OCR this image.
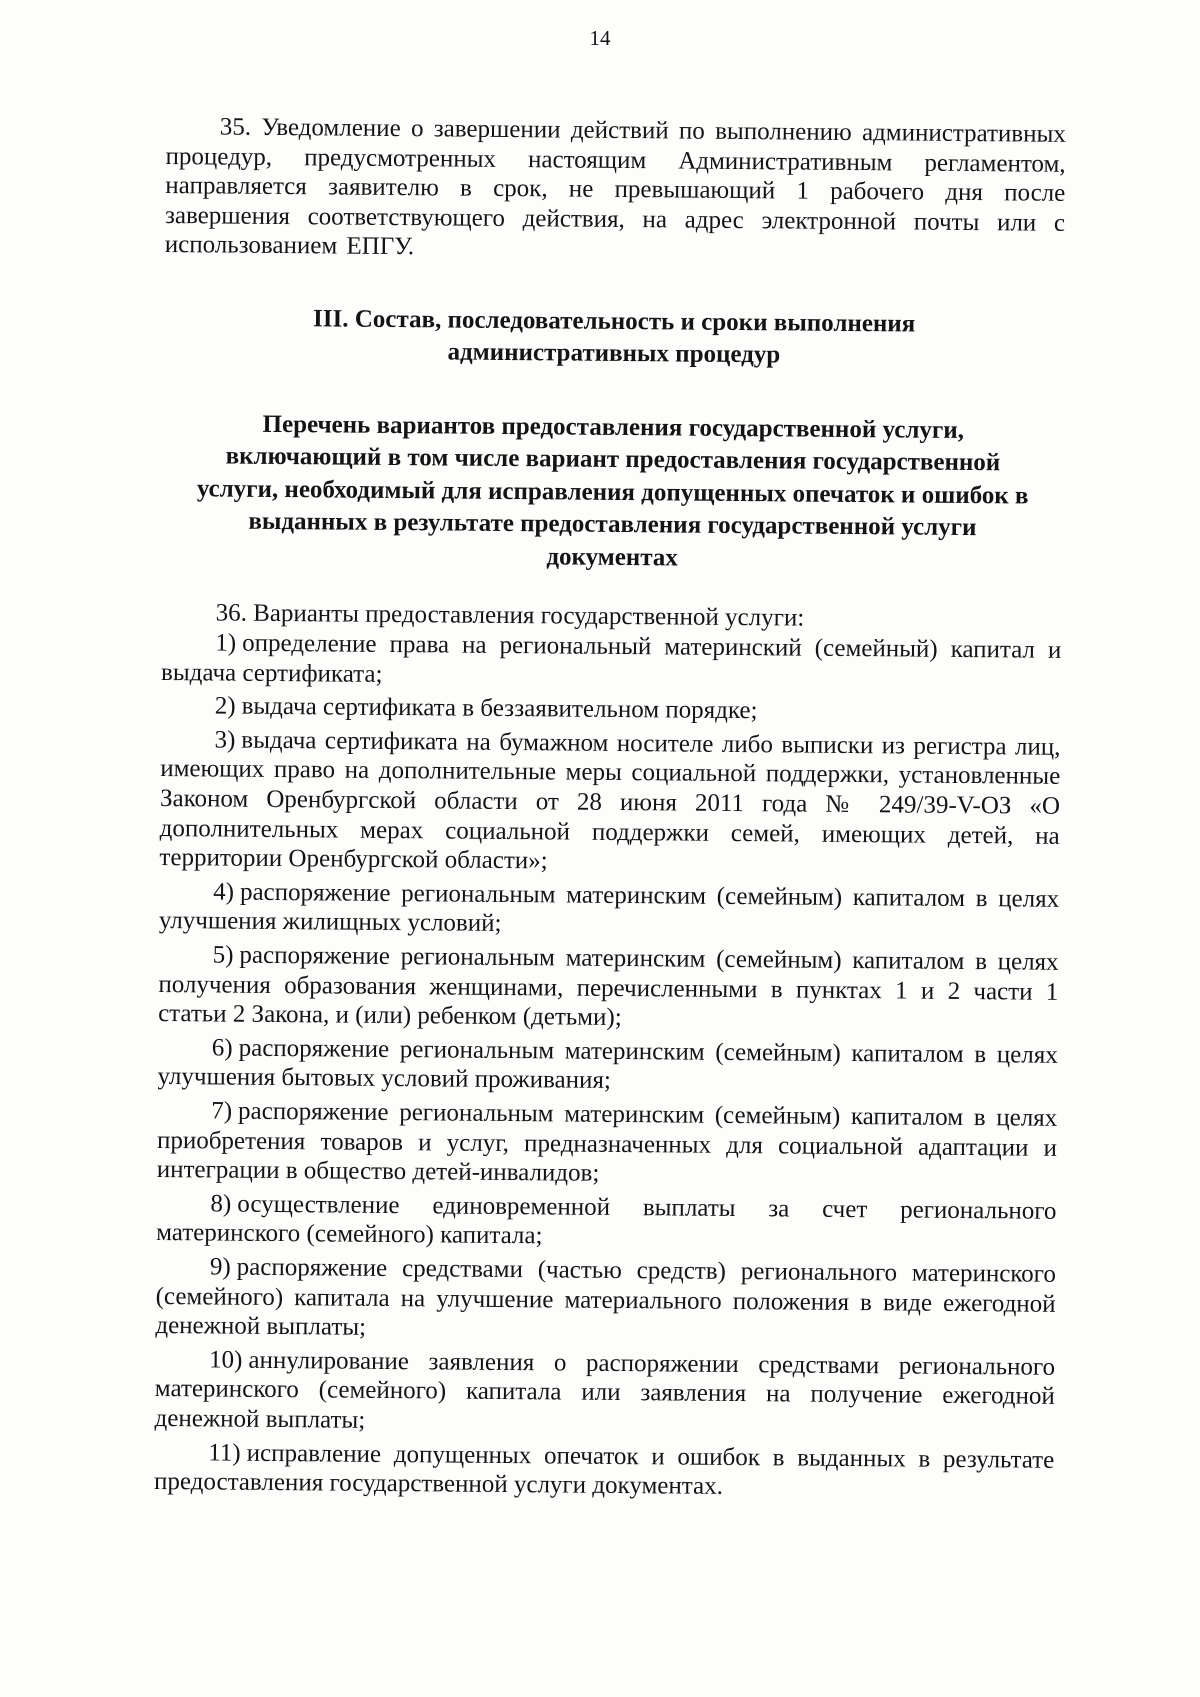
14

35. Уведомление о завершении действий по выполнению административных процедур, предусмотренных настоящим Административным регламентом, направляется заявителю в срок, не превышающий 1 рабочего дня после завершения соответствующего действия, на адрес электронной почты или с использованием ЕПГУ.

III. Состав, последовательность и сроки выполнения
административных процедур
Перечень вариантов предоставления государственной услуги,
включающий в том числе вариант предоставления государственной
услуги, необходимый для исправления допущенных опечаток и ошибок в
выданных в результате предоставления государственной услуги
документах

36. Варианты предоставления государственной услуги:

1) определение права на региональный материнский (семейный) капитал и выдача сертификата;

2) выдача сертификата в беззаявительном порядке;

3) выдача сертификата на бумажном носителе либо выписки из регистра лиц, имеющих право на дополнительные меры социальной поддержки, установленные Законом Оренбургской области от 28 июня 2011 года № 249/39-V-ОЗ «О дополнительных мерах социальной поддержки семей, имеющих детей, на территории Оренбургской области»;

4) распоряжение региональным материнским (семейным) капиталом в целях улучшения жилищных условий;

5) распоряжение региональным материнским (семейным) капиталом в целях получения образования женщинами, перечисленными в пунктах 1 и 2 части 1 статьи 2 Закона, и (или) ребенком (детьми);

6) распоряжение региональным материнским (семейным) капиталом в целях улучшения бытовых условий проживания;

7) распоряжение региональным материнским (семейным) капиталом в целях приобретения товаров и услуг, предназначенных для социальной адаптации и интеграции в общество детей-инвалидов;

8) осуществление единовременной выплаты за счет регионального материнского (семейного) капитала;

9) распоряжение средствами (частью средств) регионального материнского (семейного) капитала на улучшение материального положения в виде ежегодной денежной выплаты;

10) аннулирование заявления о распоряжении средствами регионального материнского (семейного) капитала или заявления на получение ежегодной денежной выплаты;

11) исправление допущенных опечаток и ошибок в выданных в результате предоставления государственной услуги документах.
